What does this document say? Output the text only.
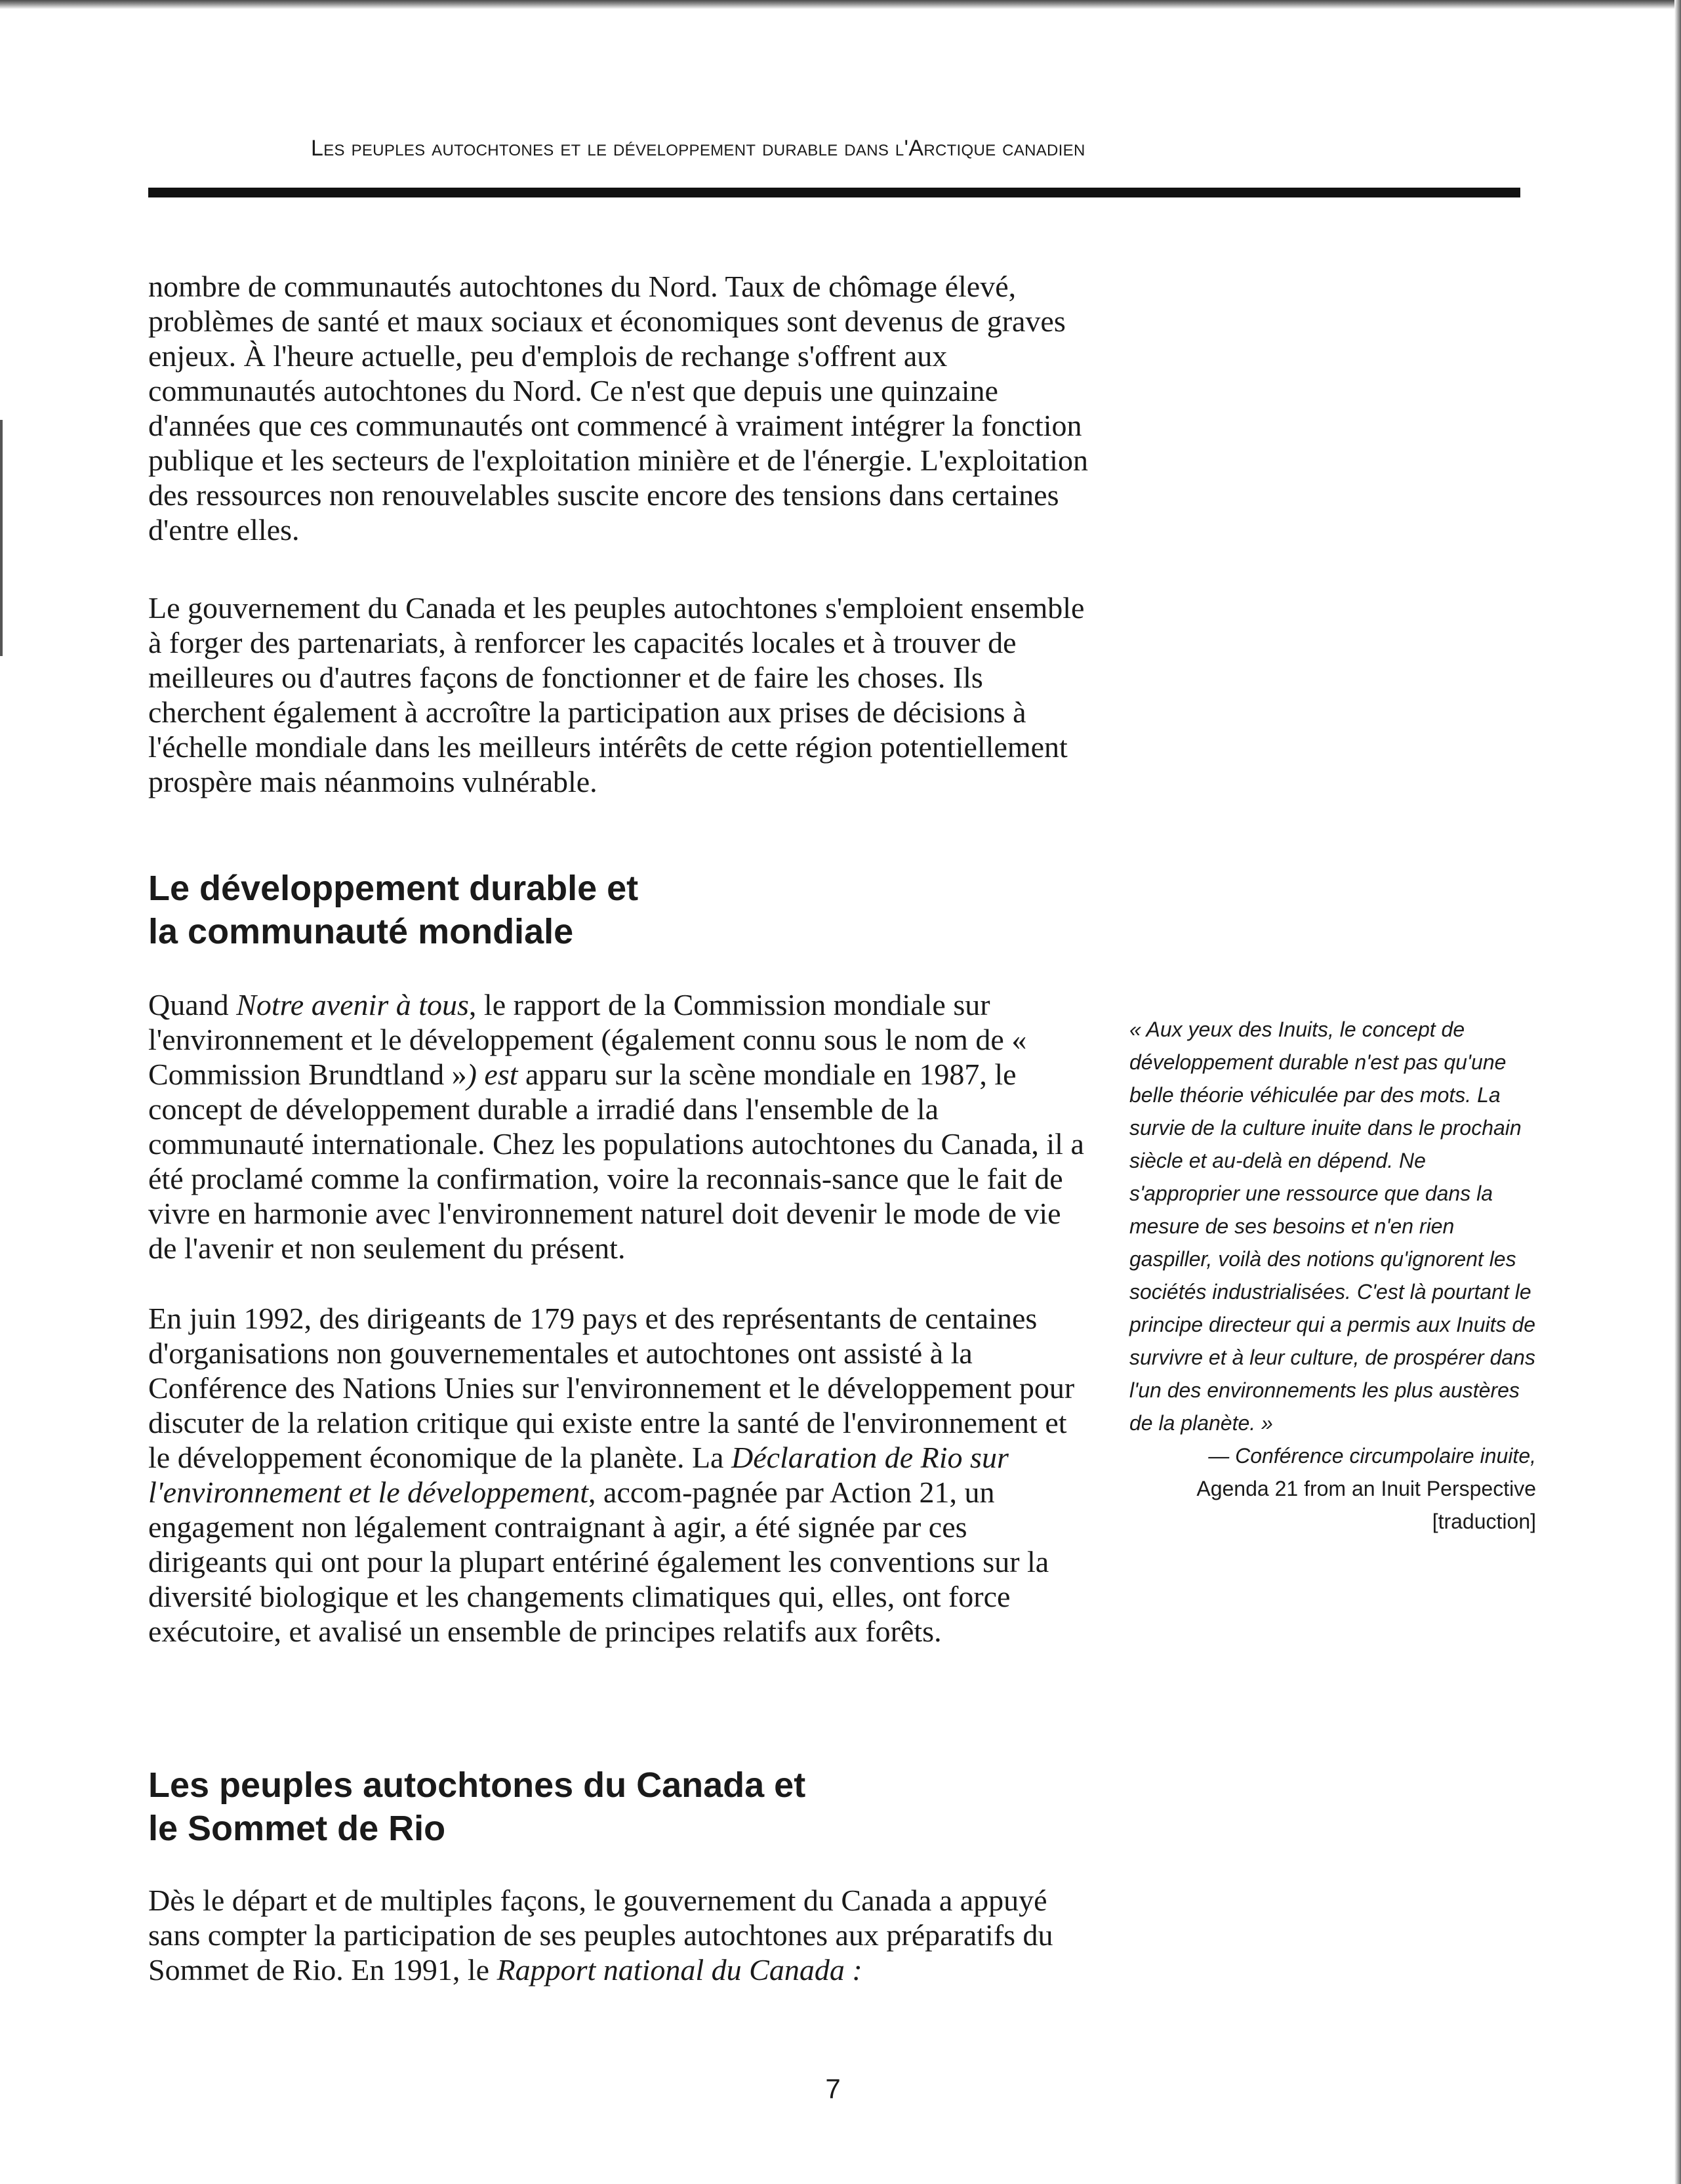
Les peuples autochtones et le développement durable dans l'Arctique canadien

nombre de communautés autochtones du Nord. Taux de chômage élevé, problèmes de santé et maux sociaux et économiques sont devenus de graves enjeux. À l'heure actuelle, peu d'emplois de rechange s'offrent aux communautés autochtones du Nord. Ce n'est que depuis une quinzaine d'années que ces communautés ont commencé à vraiment intégrer la fonction publique et les secteurs de l'exploitation minière et de l'énergie. L'exploitation des ressources non renouvelables suscite encore des tensions dans certaines d'entre elles.

Le gouvernement du Canada et les peuples autochtones s'emploient ensemble à forger des partenariats, à renforcer les capacités locales et à trouver de meilleures ou d'autres façons de fonctionner et de faire les choses. Ils cherchent également à accroître la participation aux prises de décisions à l'échelle mondiale dans les meilleurs intérêts de cette région potentiellement prospère mais néanmoins vulnérable.

Le développement durable et
la communauté mondiale

Quand Notre avenir à tous, le rapport de la Commission mondiale sur l'environnement et le développement (également connu sous le nom de « Commission Brundtland ») est apparu sur la scène mondiale en 1987, le concept de développement durable a irradié dans l'ensemble de la communauté internationale. Chez les populations autochtones du Canada, il a été proclamé comme la confirmation, voire la reconnais-sance que le fait de vivre en harmonie avec l'environnement naturel doit devenir le mode de vie de l'avenir et non seulement du présent.

En juin 1992, des dirigeants de 179 pays et des représentants de centaines d'organisations non gouvernementales et autochtones ont assisté à la Conférence des Nations Unies sur l'environnement et le développement pour discuter de la relation critique qui existe entre la santé de l'environnement et le développement économique de la planète. La Déclaration de Rio sur l'environnement et le développement, accom-pagnée par Action 21, un engagement non légalement contraignant à agir, a été signée par ces dirigeants qui ont pour la plupart entériné également les conventions sur la diversité biologique et les changements climatiques qui, elles, ont force exécutoire, et avalisé un ensemble de principes relatifs aux forêts.

Les peuples autochtones du Canada et
le Sommet de Rio

Dès le départ et de multiples façons, le gouvernement du Canada a appuyé sans compter la participation de ses peuples autochtones aux préparatifs du Sommet de Rio. En 1991, le Rapport national du Canada :

« Aux yeux des Inuits, le concept de développement durable n'est pas qu'une belle théorie véhiculée par des mots. La survie de la culture inuite dans le prochain siècle et au-delà en dépend. Ne s'approprier une ressource que dans la mesure de ses besoins et n'en rien gaspiller, voilà des notions qu'ignorent les sociétés industrialisées. C'est là pourtant le principe directeur qui a permis aux Inuits de survivre et à leur culture, de prospérer dans l'un des environnements les plus austères de la planète. »

— Conférence circumpolaire inuite,
Agenda 21 from an Inuit Perspective
[traduction]

7
